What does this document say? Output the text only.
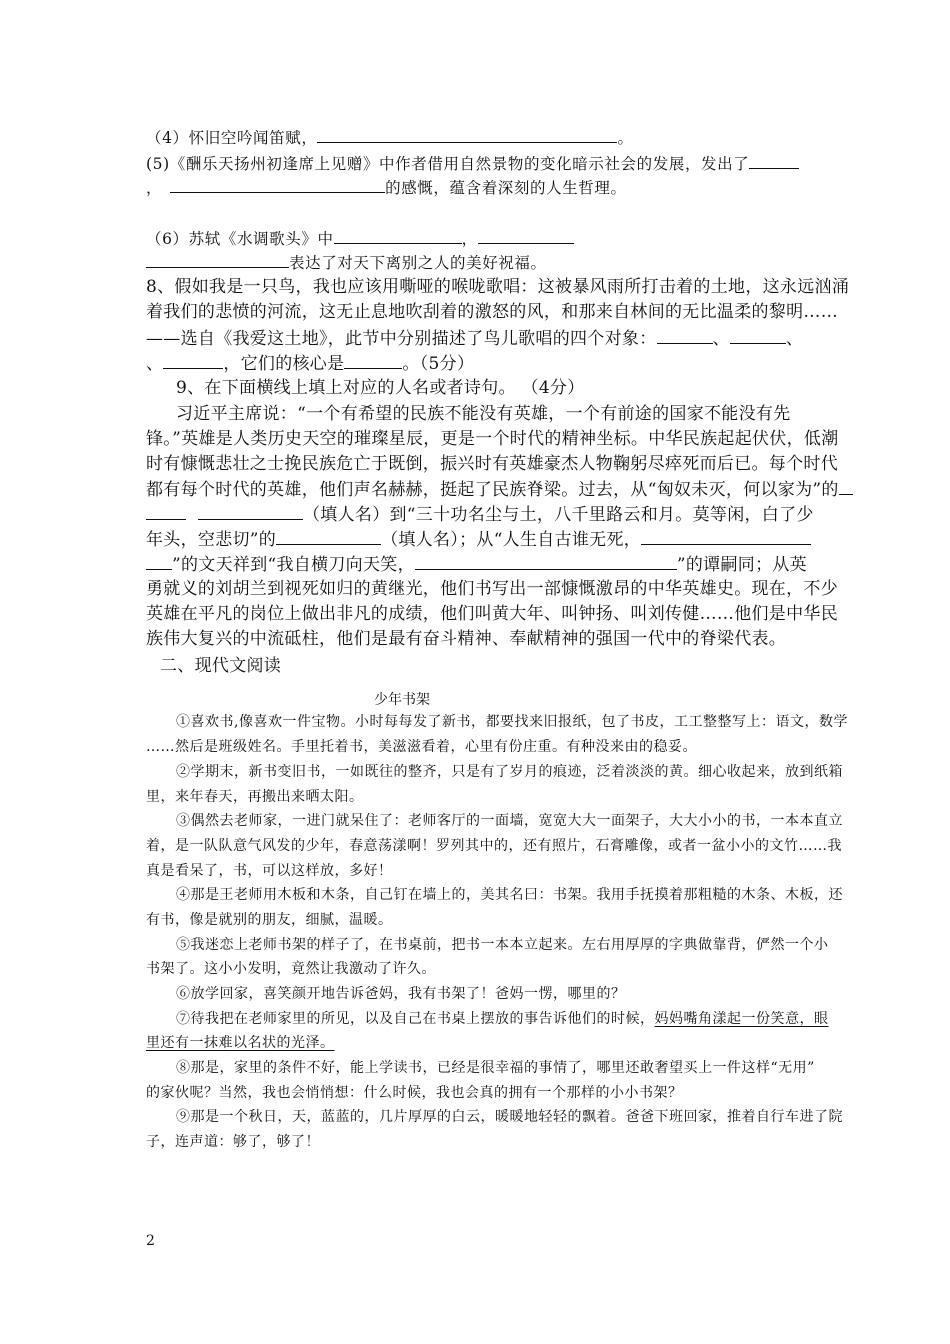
（4）怀旧空吟闻笛赋，	。
(5)《酬乐天扬州初逢席上见赠》中作者借用自然景物的变化暗示社会的发展，发出了
，	的感慨，蕴含着深刻的人生哲理。
（6）苏轼《水调歌头》中	，
表达了对天下离别之人的美好祝福。
8、假如我是一只鸟，我也应该用嘶哑的喉咙歌唱：这被暴风雨所打击着的土地，这永远汹涌
着我们的悲愤的河流，这无止息地吹刮着的激怒的风，和那来自林间的无比温柔的黎明……
——选自《我爱这土地》，此节中分别描述了鸟儿歌唱的四个对象：	、	、
、	，它们的核心是	。（5分）
9、在下面横线上填上对应的人名或者诗句。 （4分）
习近平主席说：“一个有希望的民族不能没有英雄，一个有前途的国家不能没有先
锋。”英雄是人类历史天空的璀璨星辰，更是一个时代的精神坐标。中华民族起起伏伏，低潮
时有慷慨悲壮之士挽民族危亡于既倒，振兴时有英雄豪杰人物鞠躬尽瘁死而后已。每个时代
都有每个时代的英雄，他们声名赫赫，挺起了民族脊梁。过去，从“匈奴未灭，何以家为”的
（填人名）到“三十功名尘与土，八千里路云和月。莫等闲，白了少
年头，空悲切”的	（填人名）；从“人生自古谁无死，
”的文天祥到“我自横刀向天笑，	”的谭嗣同；从英
勇就义的刘胡兰到视死如归的黄继光，他们书写出一部慷慨激昂的中华英雄史。现在，不少
英雄在平凡的岗位上做出非凡的成绩，他们叫黄大年、叫钟扬、叫刘传健……他们是中华民
族伟大复兴的中流砥柱，他们是最有奋斗精神、奉献精神的强国一代中的脊梁代表。
二、现代文阅读
少年书架
①喜欢书,像喜欢一件宝物。小时每每发了新书，都要找来旧报纸，包了书皮，工工整整写上：语文，数学
……然后是班级姓名。手里托着书，美滋滋看着，心里有份庄重。有种没来由的稳妥。
②学期末，新书变旧书，一如既往的整齐，只是有了岁月的痕迹，泛着淡淡的黄。细心收起来，放到纸箱
里，来年春天，再搬出来晒太阳。
③偶然去老师家，一进门就呆住了：老师客厅的一面墙，宽宽大大一面架子，大大小小的书，一本本直立
着，是一队队意气风发的少年，春意荡漾啊！罗列其中的，还有照片，石膏雕像，或者一盆小小的文竹……我
真是看呆了，书，可以这样放，多好！
④那是王老师用木板和木条，自己钉在墙上的，美其名曰：书架。我用手抚摸着那粗糙的木条、木板，还
有书，像是就别的朋友，细腻，温暖。
⑤我迷恋上老师书架的样子了，在书桌前，把书一本本立起来。左右用厚厚的字典做靠背，俨然一个小
书架了。这小小发明，竟然让我激动了许久。
⑥放学回家，喜笑颜开地告诉爸妈，我有书架了！爸妈一愣，哪里的？
⑦待我把在老师家里的所见，以及自己在书桌上摆放的事告诉他们的时候，妈妈嘴角漾起一份笑意，眼
里还有一抹难以名状的光泽。
⑧那是，家里的条件不好，能上学读书，已经是很幸福的事情了，哪里还敢奢望买上一件这样“无用”
的家伙呢？当然，我也会悄悄想：什么时候，我也会真的拥有一个那样的小小书架？
⑨那是一个秋日，天，蓝蓝的，几片厚厚的白云，暖暖地轻轻的飘着。爸爸下班回家，推着自行车进了院
子，连声道：够了，够了！
2
